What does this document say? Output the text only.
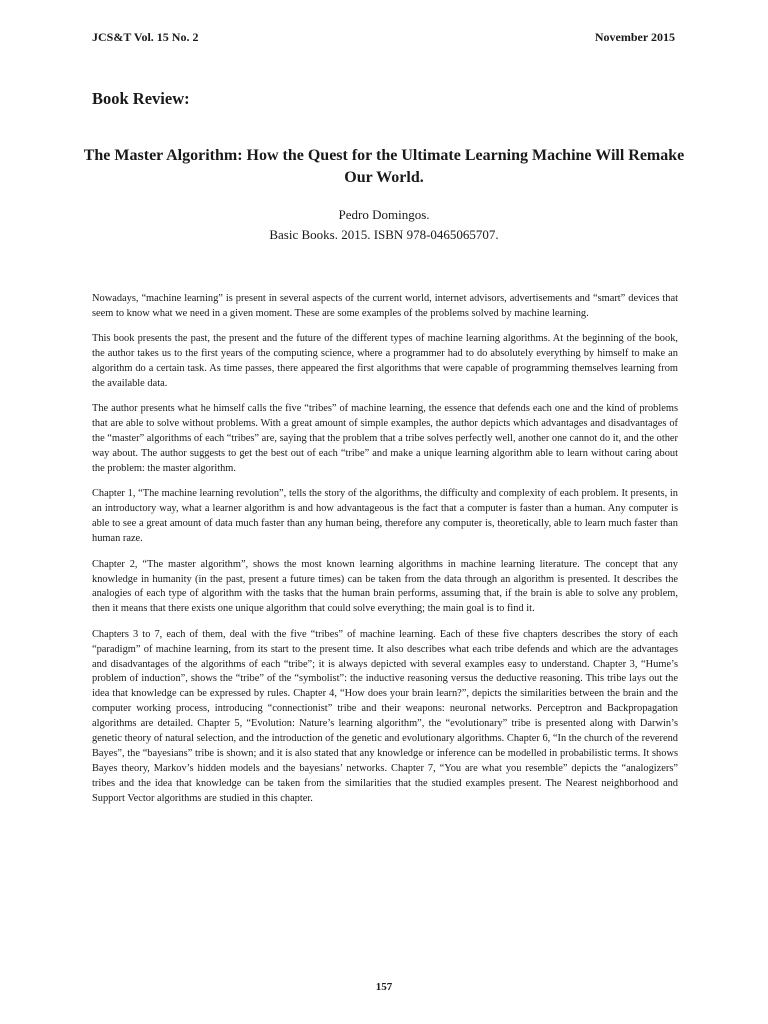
JCS&T Vol. 15 No. 2	November 2015
Book Review:
The Master Algorithm: How the Quest for the Ultimate Learning Machine Will Remake Our World.
Pedro Domingos.
Basic Books. 2015. ISBN 978-0465065707.

Nowadays, “machine learning” is present in several aspects of the current world, internet advisors, advertisements and “smart” devices that seem to know what we need in a given moment. These are some examples of the problems solved by machine learning.

This book presents the past, the present and the future of the different types of machine learning algorithms. At the beginning of the book, the author takes us to the first years of the computing science, where a programmer had to do absolutely everything by himself to make an algorithm do a certain task. As time passes, there appeared the first algorithms that were capable of programming themselves learning from the available data.

The author presents what he himself calls the five “tribes” of machine learning, the essence that defends each one and the kind of problems that are able to solve without problems. With a great amount of simple examples, the author depicts which advantages and disadvantages of the “master” algorithms of each “tribes” are, saying that the problem that a tribe solves perfectly well, another one cannot do it, and the other way about. The author suggests to get the best out of each “tribe” and make a unique learning algorithm able to learn without caring about the problem: the master algorithm.

Chapter 1, “The machine learning revolution”, tells the story of the algorithms, the difficulty and complexity of each problem. It presents, in an introductory way, what a learner algorithm is and how advantageous is the fact that a computer is faster than a human. Any computer is able to see a great amount of data much faster than any human being, therefore any computer is, theoretically, able to learn much faster than human raze.

Chapter 2, “The master algorithm”, shows the most known learning algorithms in machine learning literature. The concept that any knowledge in humanity (in the past, present a future times) can be taken from the data through an algorithm is presented. It describes the analogies of each type of algorithm with the tasks that the human brain performs, assuming that, if the brain is able to solve any problem, then it means that there exists one unique algorithm that could solve everything; the main goal is to find it.

Chapters 3 to 7, each of them, deal with the five “tribes” of machine learning. Each of these five chapters describes the story of each “paradigm” of machine learning, from its start to the present time. It also describes what each tribe defends and which are the advantages and disadvantages of the algorithms of each “tribe”; it is always depicted with several examples easy to understand. Chapter 3, “Hume’s problem of induction”, shows the “tribe” of the “symbolist”: the inductive reasoning versus the deductive reasoning. This tribe lays out the idea that knowledge can be expressed by rules. Chapter 4, “How does your brain learn?”, depicts the similarities between the brain and the computer working process, introducing “connectionist” tribe and their weapons: neuronal networks. Perceptron and Backpropagation algorithms are detailed. Chapter 5, “Evolution: Nature’s learning algorithm”, the “evolutionary” tribe is presented along with Darwin’s genetic theory of natural selection, and the introduction of the genetic and evolutionary algorithms. Chapter 6, “In the church of the reverend Bayes”, the “bayesians” tribe is shown; and it is also stated that any knowledge or inference can be modelled in probabilistic terms. It shows Bayes theory, Markov’s hidden models and the bayesians’ networks. Chapter 7, “You are what you resemble” depicts the “analogizers” tribes and the idea that knowledge can be taken from the similarities that the studied examples present. The Nearest neighborhood and Support Vector algorithms are studied in this chapter.

157
